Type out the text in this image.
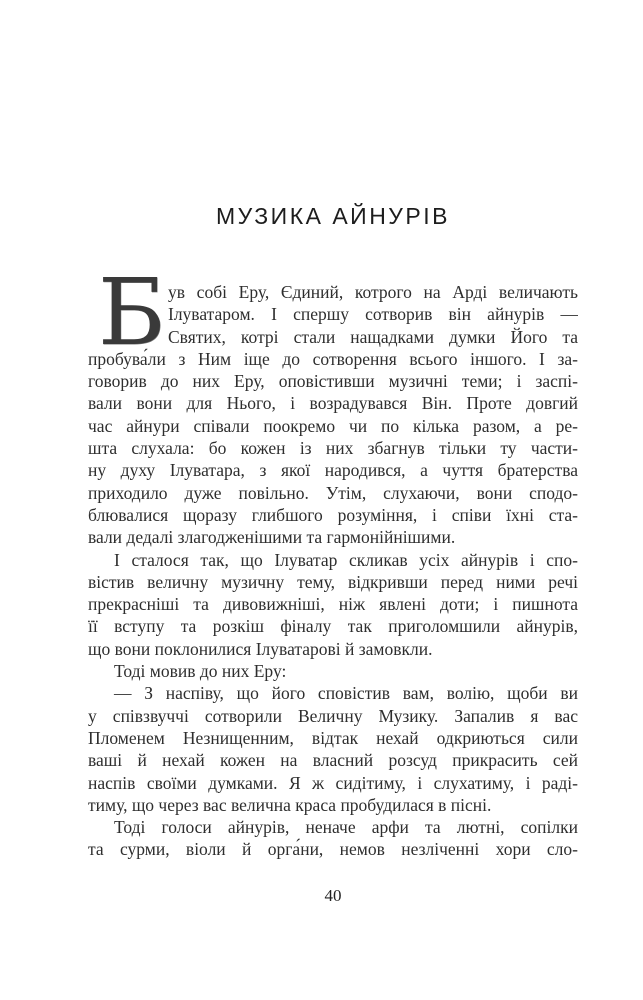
МУЗИКА АЙНУРІВ
Б ув собі Еру, Єдиний, котрого на Арді величають
Ілуватаром. І спершу сотворив він айнурів —
Святих, котрі стали нащадками думки Його та
пробува́ли з Ним іще до сотворення всього іншого. І за-
говорив до них Еру, оповістивши музичні теми; і заспі-
вали вони для Нього, і возрадувався Він. Проте довгий
час айнури співали поокремо чи по кілька разом, а ре-
шта слухала: бо кожен із них збагнув тільки ту части-
ну духу Ілуватара, з якої народився, а чуття братерства
приходило дуже повільно. Утім, слухаючи, вони сподо-
блювалися щоразу глибшого розуміння, і співи їхні ста-
вали дедалі злагодженішими та гармонійнішими.
І сталося так, що Ілуватар скликав усіх айнурів і спо-
вістив величну музичну тему, відкривши перед ними речі
прекрасніші та дивовижніші, ніж явлені доти; і пишнота
її вступу та розкіш фіналу так приголомшили айнурів,
що вони поклонилися Ілуватарові й замовкли.
Тоді мовив до них Еру:
— З наспіву, що його сповістив вам, волію, щоби ви
у співзвуччі сотворили Величну Музику. Запалив я вас
Пломенем Незнищенним, відтак нехай одкриються сили
ваші й нехай кожен на власний розсуд прикрасить сей
наспів своїми думками. Я ж сидітиму, і слухатиму, і раді-
тиму, що через вас велична краса пробудилася в пісні.
Тоді голоси айнурів, неначе арфи та лютні, сопілки
та сурми, віоли й орга́ни, немов незліченні хори сло-
40
